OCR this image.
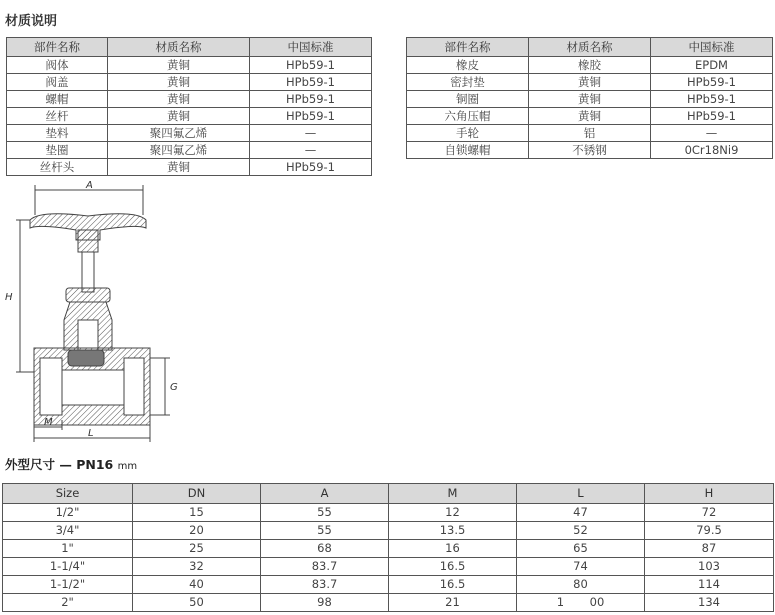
材质说明
部件名称	材质名称	中国标准
阀体	黄铜	HPb59-1
阀盖	黄铜	HPb59-1
螺帽	黄铜	HPb59-1
丝杆	黄铜	HPb59-1
垫料	聚四氟乙烯	—
垫圈	聚四氟乙烯	—
丝杆头	黄铜	HPb59-1
部件名称	材质名称	中国标准
橡皮	橡胶	EPDM
密封垫	黄铜	HPb59-1
铜圈	黄铜	HPb59-1
六角压帽	黄铜	HPb59-1
手轮	铝	—
自锁螺帽	不锈钢	0Cr18Ni9
A
H
G
M
L
外型尺寸 — PN16 mm
Size	DN	A	M	L	H
1/2"	15	55	12	47	72
3/4"	20	55	13.5	52	79.5
1"	25	68	16	65	87
1-1/4"	32	83.7	16.5	74	103
1-1/2"	40	83.7	16.5	80	114
2"	50	98	21	1       00	134
